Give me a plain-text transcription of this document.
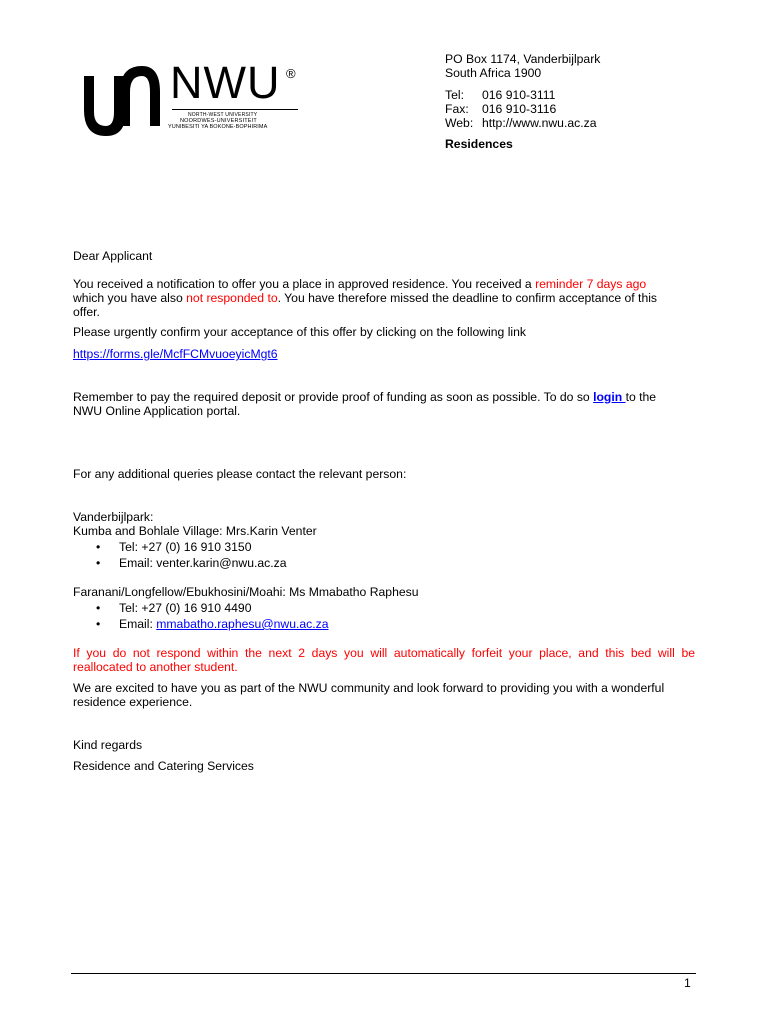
NWU ®
NORTH-WEST UNIVERSITY
NOORDWES-UNIVERSITEIT
YUNIBESITI YA BOKONE-BOPHIRIMA
PO Box 1174, Vanderbijlpark
South Africa 1900
Tel: 016 910-3111
Fax: 016 910-3116
Web: http://www.nwu.ac.za
Residences
Dear Applicant
You received a notification to offer you a place in approved residence. You received a reminder 7 days ago
which you have also not responded to. You have therefore missed the deadline to confirm acceptance of this
offer.
Please urgently confirm your acceptance of this offer by clicking on the following link
https://forms.gle/McfFCMvuoeyicMgt6
Remember to pay the required deposit or provide proof of funding as soon as possible. To do so login to the
NWU Online Application portal.
For any additional queries please contact the relevant person:
Vanderbijlpark:
Kumba and Bohlale Village: Mrs.Karin Venter
• Tel: +27 (0) 16 910 3150
• Email: venter.karin@nwu.ac.za
Faranani/Longfellow/Ebukhosini/Moahi: Ms Mmabatho Raphesu
• Tel: +27 (0) 16 910 4490
• Email: mmabatho.raphesu@nwu.ac.za
If you do not respond within the next 2 days you will automatically forfeit your place, and this bed will be
reallocated to another student.
We are excited to have you as part of the NWU community and look forward to providing you with a wonderful
residence experience.
Kind regards
Residence and Catering Services
1
